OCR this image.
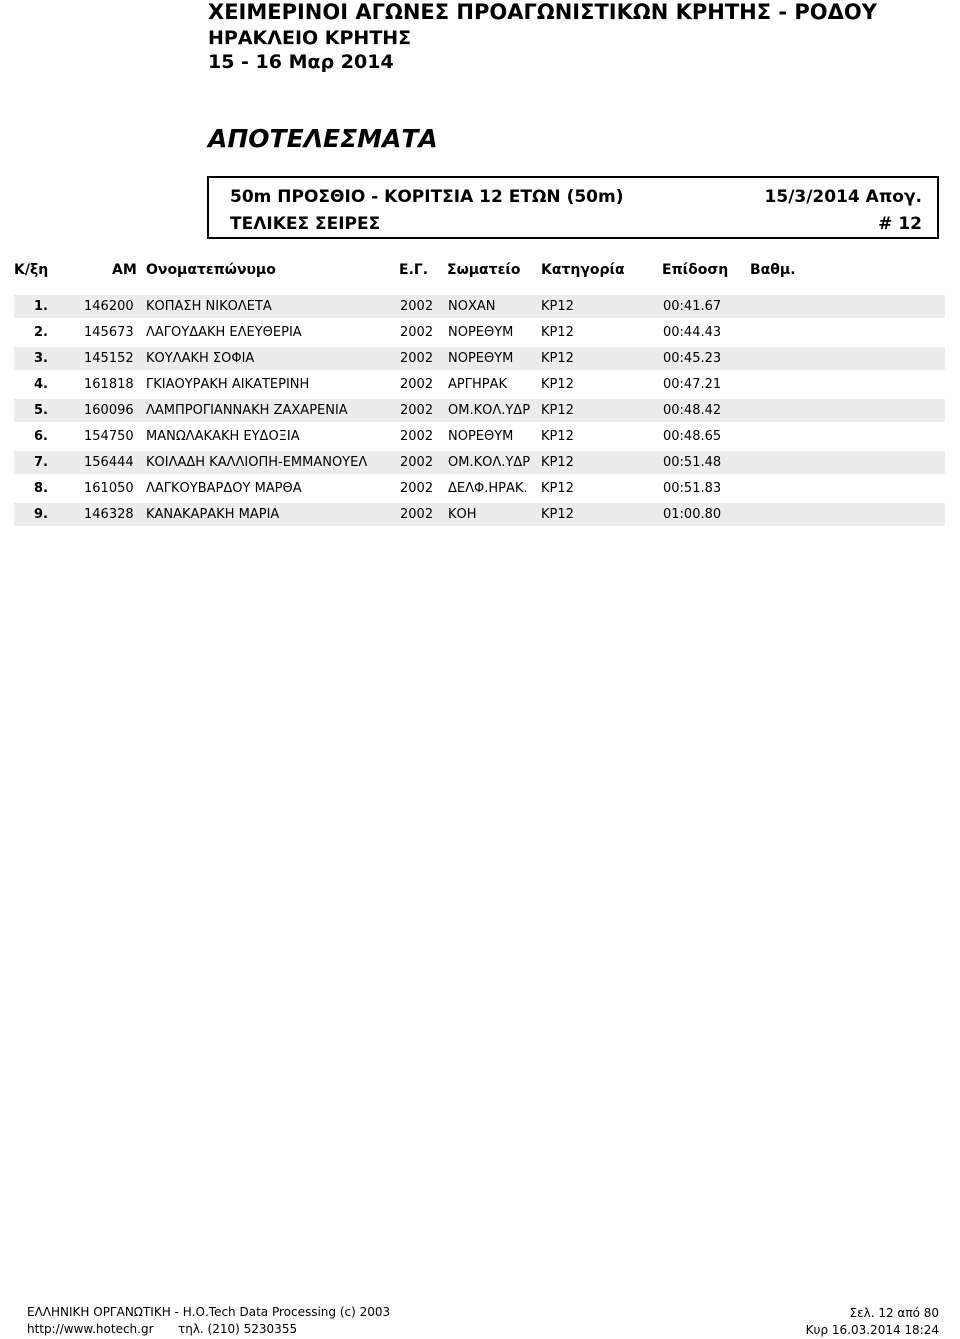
ΧΕΙΜΕΡΙΝΟΙ ΑΓΩΝΕΣ ΠΡΟΑΓΩΝΙΣΤΙΚΩΝ ΚΡΗΤΗΣ - ΡΟΔΟΥ
ΗΡΑΚΛΕΙΟ ΚΡΗΤΗΣ
15 - 16 Μαρ 2014
ΑΠΟΤΕΛΕΣΜΑΤΑ
50m ΠΡΟΣΘΙΟ - ΚΟΡΙΤΣΙΑ 12 ΕΤΩΝ (50m)	15/3/2014 Απογ.
ΤΕΛΙΚΕΣ ΣΕΙΡΕΣ	# 12
Κ/ξη	ΑΜ Ονοματεπώνυμο	Ε.Γ. Σωματείο Κατηγορία	Επίδοση Βαθμ.
1.	146200 ΚΟΠΑΣΗ ΝΙΚΟΛΕΤΑ	2002 ΝΟΧΑΝ	ΚΡ12	00:41.67
2.	145673 ΛΑΓΟΥΔΑΚΗ ΕΛΕΥΘΕΡΙΑ	2002 ΝΟΡΕΘΥΜ	ΚΡ12	00:44.43
3.	145152 ΚΟΥΛΑΚΗ ΣΟΦΙΑ	2002 ΝΟΡΕΘΥΜ	ΚΡ12	00:45.23
4.	161818 ΓΚΙΑΟΥΡΑΚΗ ΑΙΚΑΤΕΡΙΝΗ	2002 ΑΡΓΗΡΑΚ	ΚΡ12	00:47.21
5.	160096 ΛΑΜΠΡΟΓΙΑΝΝΑΚΗ ΖΑΧΑΡΕΝΙΑ	2002 ΟΜ.ΚΟΛ.ΥΔΡ ΚΡ12	00:48.42
6.	154750 ΜΑΝΩΛΑΚΑΚΗ ΕΥΔΟΞΙΑ	2002 ΝΟΡΕΘΥΜ	ΚΡ12	00:48.65
7.	156444 ΚΟΙΛΑΔΗ ΚΑΛΛΙΟΠΗ-ΕΜΜΑΝΟΥΕΛ	2002 ΟΜ.ΚΟΛ.ΥΔΡ ΚΡ12	00:51.48
8.	161050 ΛΑΓΚΟΥΒΑΡΔΟΥ ΜΑΡΘΑ	2002 ΔΕΛΦ.ΗΡΑΚ.	ΚΡ12	00:51.83
9.	146328 ΚΑΝΑΚΑΡΑΚΗ ΜΑΡΙΑ	2002 ΚΟΗ	ΚΡ12	01:00.80
ΕΛΛΗΝΙΚΗ ΟΡΓΑΝΩΤΙΚΗ - Η.Ο.Tech Data Processing (c) 2003
http://www.hotech.gr τηλ. (210) 5230355
Σελ. 12 από 80
Κυρ 16.03.2014 18:24
